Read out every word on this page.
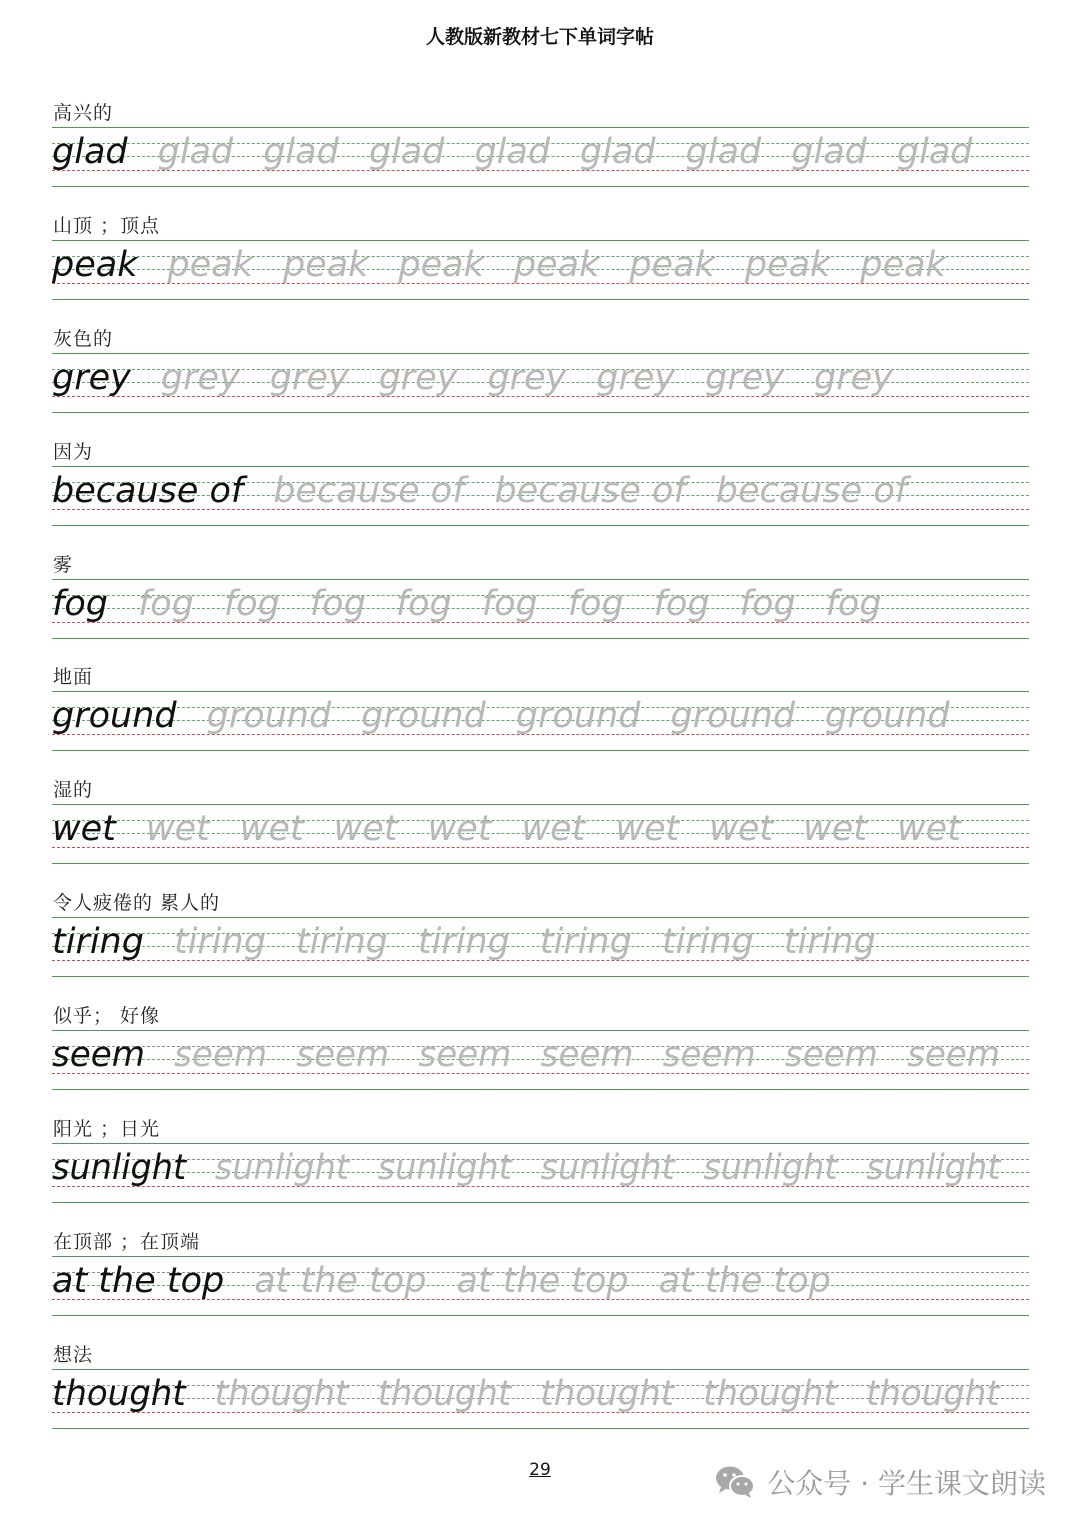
人教版新教材七下单词字帖
高兴的
glad glad glad glad glad glad glad glad glad
山顶 ；顶点
peak peak peak peak peak peak peak peak
灰色的
grey grey grey grey grey grey grey grey
因为
because of because of because of because of
雾
fog fog fog fog fog fog fog fog fog fog
地面
ground ground ground ground ground ground
湿的
wet wet wet wet wet wet wet wet wet wet
令人疲倦的 累人的
tiring tiring tiring tiring tiring tiring tiring
似乎； 好像
seem seem seem seem seem seem seem seem
阳光 ；日光
sunlight sunlight sunlight sunlight sunlight sunlight
在顶部 ；在顶端
at the top at the top at the top at the top
想法
thought thought thought thought thought thought
29	公众号 · 学生课文朗读
